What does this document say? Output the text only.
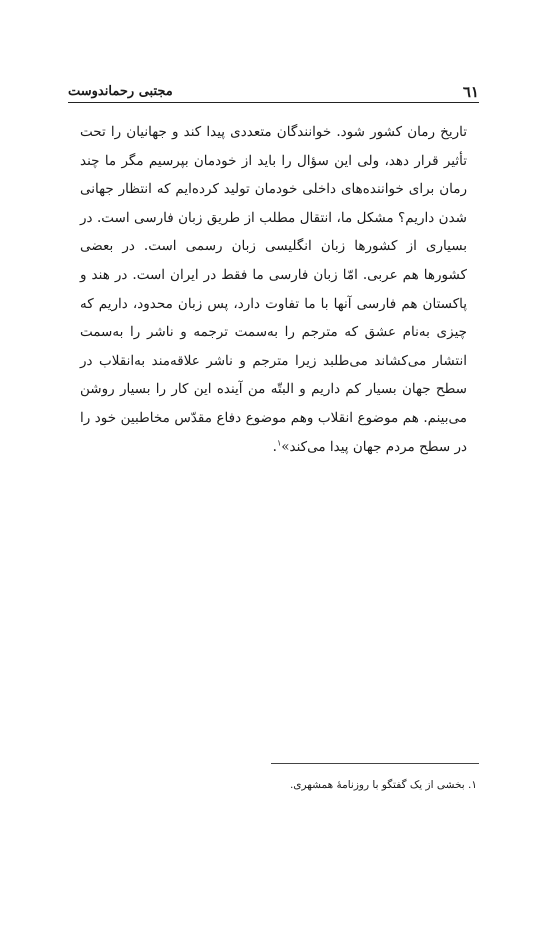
٦١
مجتبی رحماندوست
تاریخ رمان کشور شود. خوانندگان متعددی پیدا کند و جهانیان را تحت تأثیر قرار دهد، ولی این سؤال را باید از خودمان بپرسیم مگر ما چند رمان برای خوانندەهای داخلی خودمان تولید کردەایم که انتظار جهانی شدن داریم؟ مشکل ما، انتقال مطلب از طریق زبان فارسی است. در بسیاری از کشورها زبان انگلیسی زبان رسمی است. در بعضی کشورها هم عربی. امّا زبان فارسی ما فقط در ایران است. در هند و پاکستان هم فارسی آنها با ما تفاوت دارد، پس زبان محدود، داریم که چیزی به‌نام عشق که مترجم را به‌سمت ترجمه و ناشر را به‌سمت انتشار می‌کشاند می‌طلبد زیرا مترجم و ناشر علاقه‌مند به‌انقلاب در سطح جهان بسیار کم داریم و البتّه من آینده این کار را بسیار روشن می‌بینم. هم موضوع انقلاب وهم موضوع دفاع مقدّس مخاطبین خود را در سطح مردم جهان پیدا می‌کند»$^۱$.
۱. بخشی از یک گفتگو با روزنامهٔ همشهری.
